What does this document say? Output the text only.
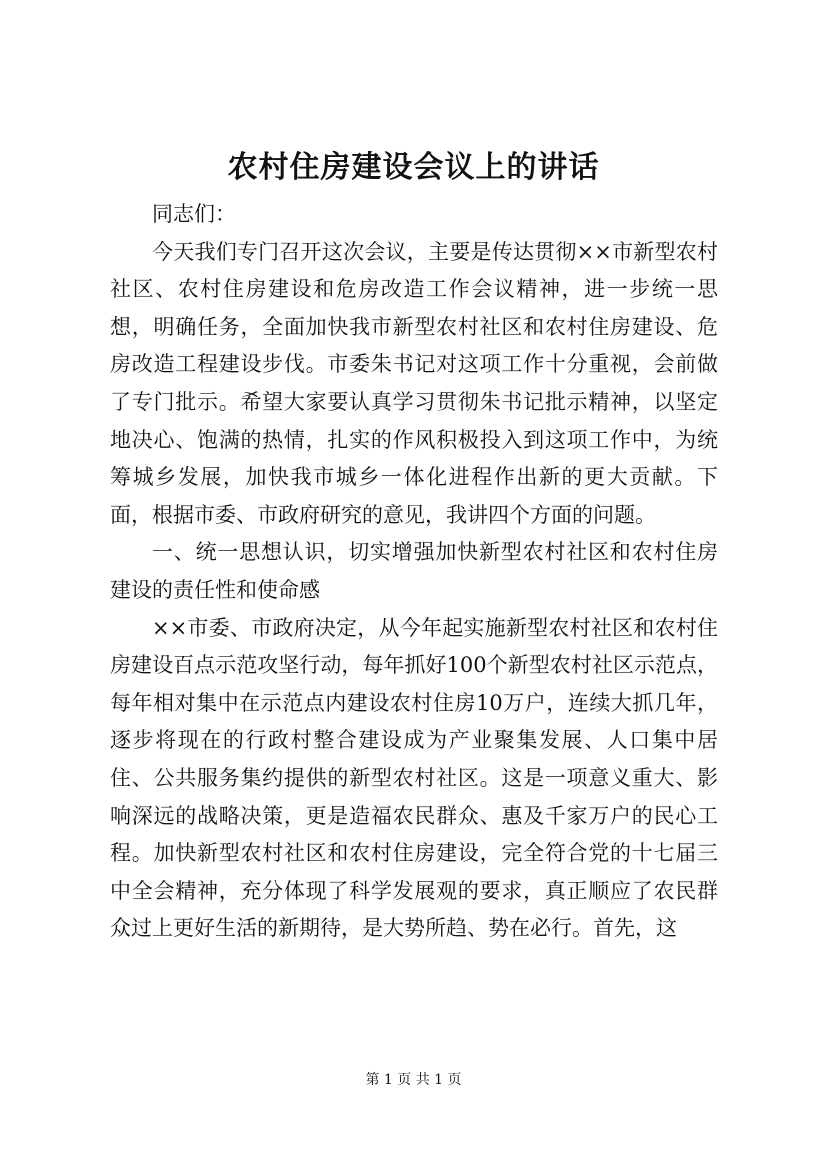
农村住房建设会议上的讲话

同志们：

今天我们专门召开这次会议，主要是传达贯彻××市新型农村社区、农村住房建设和危房改造工作会议精神，进一步统一思想，明确任务，全面加快我市新型农村社区和农村住房建设、危房改造工程建设步伐。市委朱书记对这项工作十分重视，会前做了专门批示。希望大家要认真学习贯彻朱书记批示精神，以坚定地决心、饱满的热情，扎实的作风积极投入到这项工作中，为统筹城乡发展，加快我市城乡一体化进程作出新的更大贡献。下面，根据市委、市政府研究的意见，我讲四个方面的问题。

一、统一思想认识，切实增强加快新型农村社区和农村住房建设的责任性和使命感

××市委、市政府决定，从今年起实施新型农村社区和农村住房建设百点示范攻坚行动，每年抓好100个新型农村社区示范点，每年相对集中在示范点内建设农村住房10万户，连续大抓几年，逐步将现在的行政村整合建设成为产业聚集发展、人口集中居住、公共服务集约提供的新型农村社区。这是一项意义重大、影响深远的战略决策，更是造福农民群众、惠及千家万户的民心工程。加快新型农村社区和农村住房建设，完全符合党的十七届三中全会精神，充分体现了科学发展观的要求，真正顺应了农民群众过上更好生活的新期待，是大势所趋、势在必行。首先，这

第 1 页 共 1 页
